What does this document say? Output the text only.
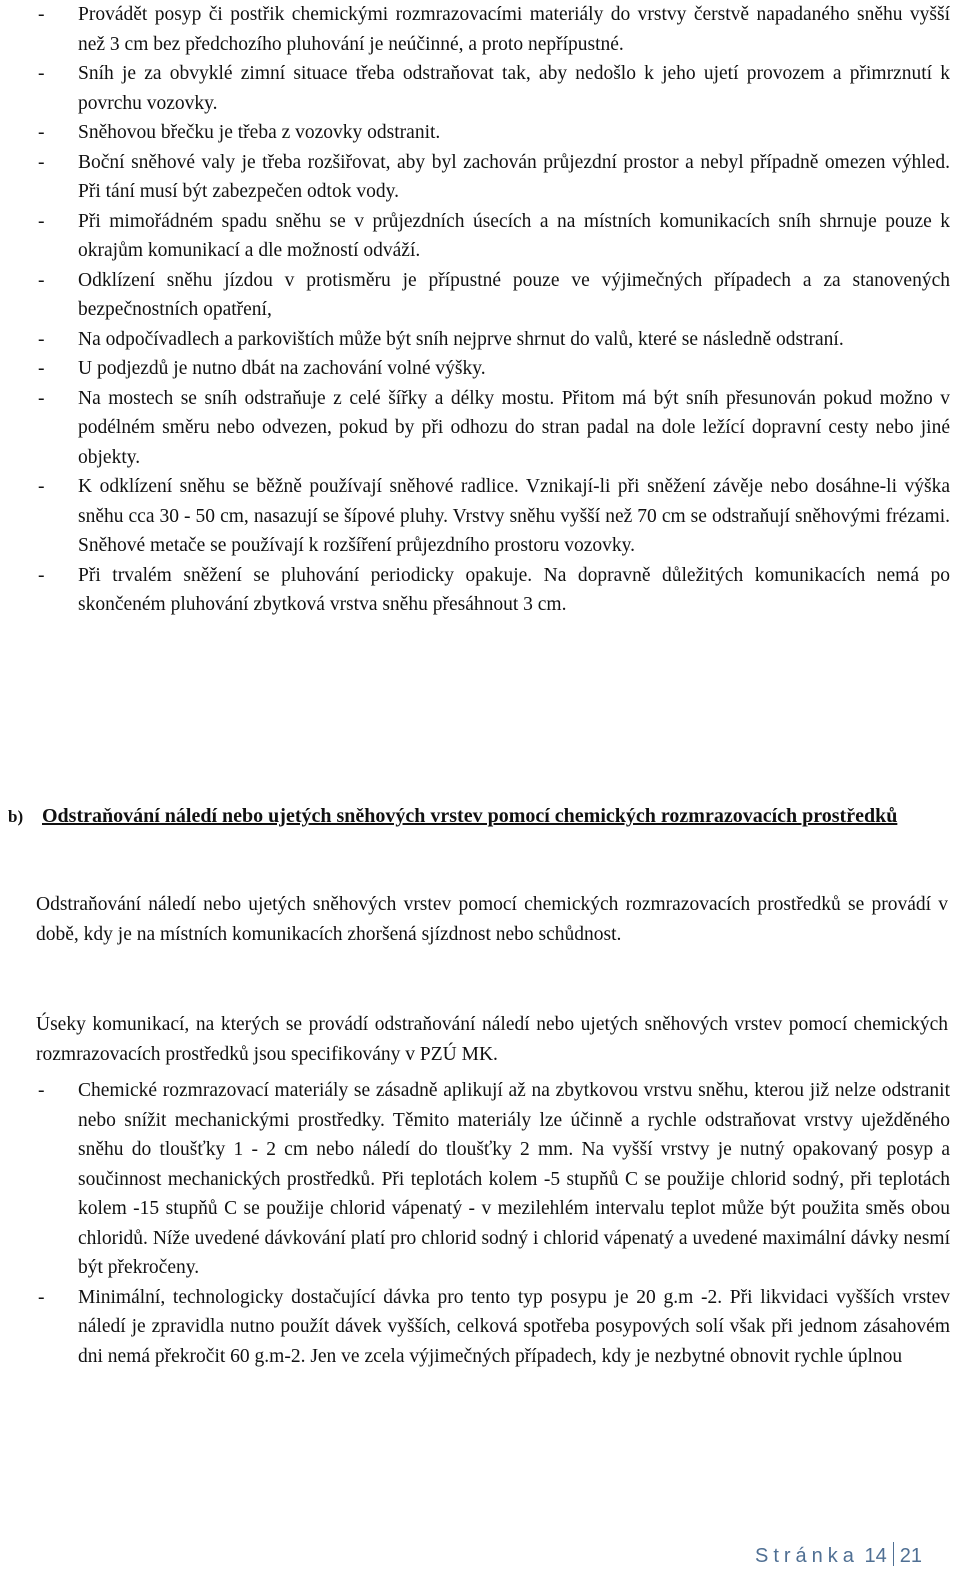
- Provádět posyp či postřik chemickými rozmrazovacími materiály do vrstvy čerstvě napadaného sněhu vyšší než 3 cm bez předchozího pluhování je neúčinné, a proto nepřípustné.
- Sníh je za obvyklé zimní situace třeba odstraňovat tak, aby nedošlo k jeho ujetí provozem a přimrznutí k povrchu vozovky.
- Sněhovou břečku je třeba z vozovky odstranit.
- Boční sněhové valy je třeba rozšiřovat, aby byl zachován průjezdní prostor a nebyl případně omezen výhled. Při tání musí být zabezpečen odtok vody.
- Při mimořádném spadu sněhu se v průjezdních úsecích a na místních komunikacích sníh shrnuje pouze k okrajům komunikací a dle možností odváží.
- Odklízení sněhu jízdou v protisměru je přípustné pouze ve výjimečných případech a za stanovených bezpečnostních opatření,
- Na odpočívadlech a parkovištích může být sníh nejprve shrnut do valů, které se následně odstraní.
- U podjezdů je nutno dbát na zachování volné výšky.
- Na mostech se sníh odstraňuje z celé šířky a délky mostu. Přitom má být sníh přesunován pokud možno v podélném směru nebo odvezen, pokud by při odhozu do stran padal na dole ležící dopravní cesty nebo jiné objekty.
- K odklízení sněhu se běžně používají sněhové radlice. Vznikají-li při sněžení závěje nebo dosáhne-li výška sněhu cca 30 - 50 cm, nasazují se šípové pluhy. Vrstvy sněhu vyšší než 70 cm se odstraňují sněhovými frézami. Sněhové metače se používají k rozšíření průjezdního prostoru vozovky.
- Při trvalém sněžení se pluhování periodicky opakuje. Na dopravně důležitých komunikacích nemá po skončeném pluhování zbytková vrstva sněhu přesáhnout 3 cm.
b) Odstraňování náledí nebo ujetých sněhových vrstev pomocí chemických rozmrazovacích prostředků

Odstraňování náledí nebo ujetých sněhových vrstev pomocí chemických rozmrazovacích prostředků se provádí v době, kdy je na místních komunikacích zhoršená sjízdnost nebo schůdnost.

Úseky komunikací, na kterých se provádí odstraňování náledí nebo ujetých sněhových vrstev pomocí chemických rozmrazovacích prostředků jsou specifikovány v PZÚ MK.

- Chemické rozmrazovací materiály se zásadně aplikují až na zbytkovou vrstvu sněhu, kterou již nelze odstranit nebo snížit mechanickými prostředky. Těmito materiály lze účinně a rychle odstraňovat vrstvy uježděného sněhu do tloušťky 1 - 2 cm nebo náledí do tloušťky 2 mm. Na vyšší vrstvy je nutný opakovaný posyp a součinnost mechanických prostředků. Při teplotách kolem -5 stupňů C se použije chlorid sodný, při teplotách kolem -15 stupňů C se použije chlorid vápenatý - v mezilehlém intervalu teplot může být použita směs obou chloridů. Níže uvedené dávkování platí pro chlorid sodný i chlorid vápenatý a uvedené maximální dávky nesmí být překročeny.
- Minimální, technologicky dostačující dávka pro tento typ posypu je 20 g.m -2. Při likvidaci vyšších vrstev náledí je zpravidla nutno použít dávek vyšších, celková spotřeba posypových solí však při jednom zásahovém dni nemá překročit 60 g.m-2. Jen ve zcela výjimečných případech, kdy je nezbytné obnovit rychle úplnou
Stránka 14 21
